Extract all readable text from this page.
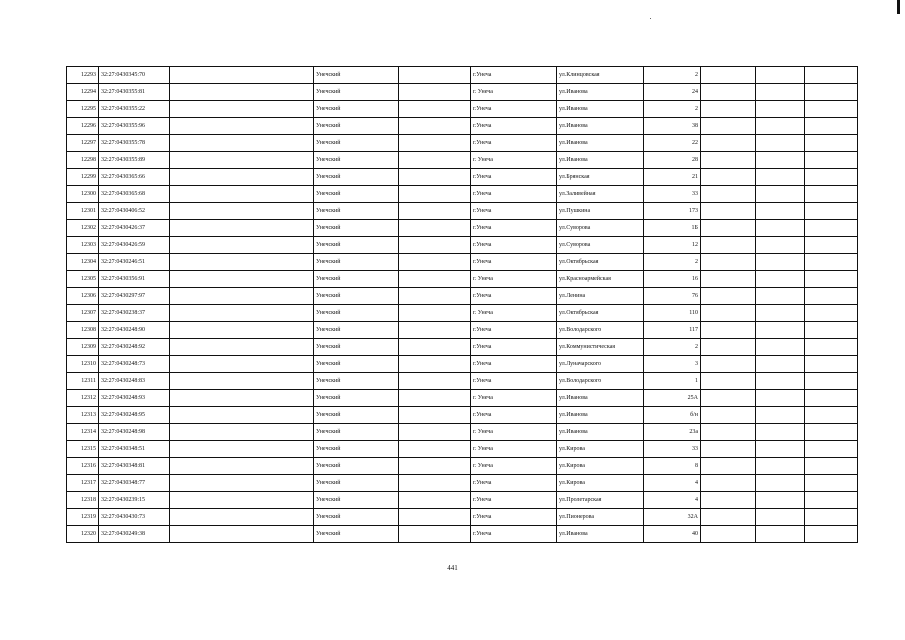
12293	32:27:0430345:70		Унечский		г.Унеча	ул.Клинцовская	2			
12294	32:27:0430355:81		Унечский		г. Унеча	ул.Иванова	24			
12295	32:27:0430355:22		Унечский		г.Унеча	ул.Иванова	2			
12296	32:27:0430355:96		Унечский		г.Унеча	ул.Иванова	38			
12297	32:27:0430355:78		Унечский		г.Унеча	ул.Иванова	22			
12298	32:27:0430355:89		Унечский		г. Унеча	ул.Иванова	28			
12299	32:27:0430365:66		Унечский		г.Унеча	ул.Брянская	21			
12300	32:27:0430365:68		Унечский		г.Унеча	ул.Заливейная	33			
12301	32:27:0430406:52		Унечский		г.Унеча	ул.Пушкина	173			
12302	32:27:0430426:37		Унечский		г.Унеча	ул.Суворова	1Б			
12303	32:27:0430426:59		Унечский		г.Унеча	ул.Суворова	12			
12304	32:27:0430246:51		Унечский		г.Унеча	ул.Октябрьская	2			
12305	32:27:0430356:91		Унечский		г. Унеча	ул.Красноармейская	16			
12306	32:27:0430297:97		Унечский		г.Унеча	ул.Ленина	76			
12307	32:27:0430238:37		Унечский		г. Унеча	ул.Октябрьская	110			
12308	32:27:0430248:90		Унечский		г.Унеча	ул.Володарского	117			
12309	32:27:0430248:92		Унечский		г.Унеча	ул.Коммунистическая	2			
12310	32:27:0430248:73		Унечский		г.Унеча	ул.Луначарского	3			
12311	32:27:0430248:83		Унечский		г.Унеча	ул.Володарского	1			
12312	32:27:0430248:93		Унечский		г. Унеча	ул.Иванова	25А			
12313	32:27:0430248:95		Унечский		г.Унеча	ул.Иванова	б/н			
12314	32:27:0430248:98		Унечский		г. Унеча	ул.Иванова	23а			
12315	32:27:0430348:51		Унечский		г. Унеча	ул.Кирова	33			
12316	32:27:0430348:81		Унечский		г. Унеча	ул.Кирова	8			
12317	32:27:0430348:77		Унечский		г.Унеча	ул.Кирова	4			
12318	32:27:0430239:15		Унечский		г.Унеча	ул.Пролетарская	4			
12319	32:27:0430430:73		Унечский		г.Унеча	ул.Пионерова	32А			
12320	32:27:0430249:38		Унечский		г.Унеча	ул.Иванова	40			
441
